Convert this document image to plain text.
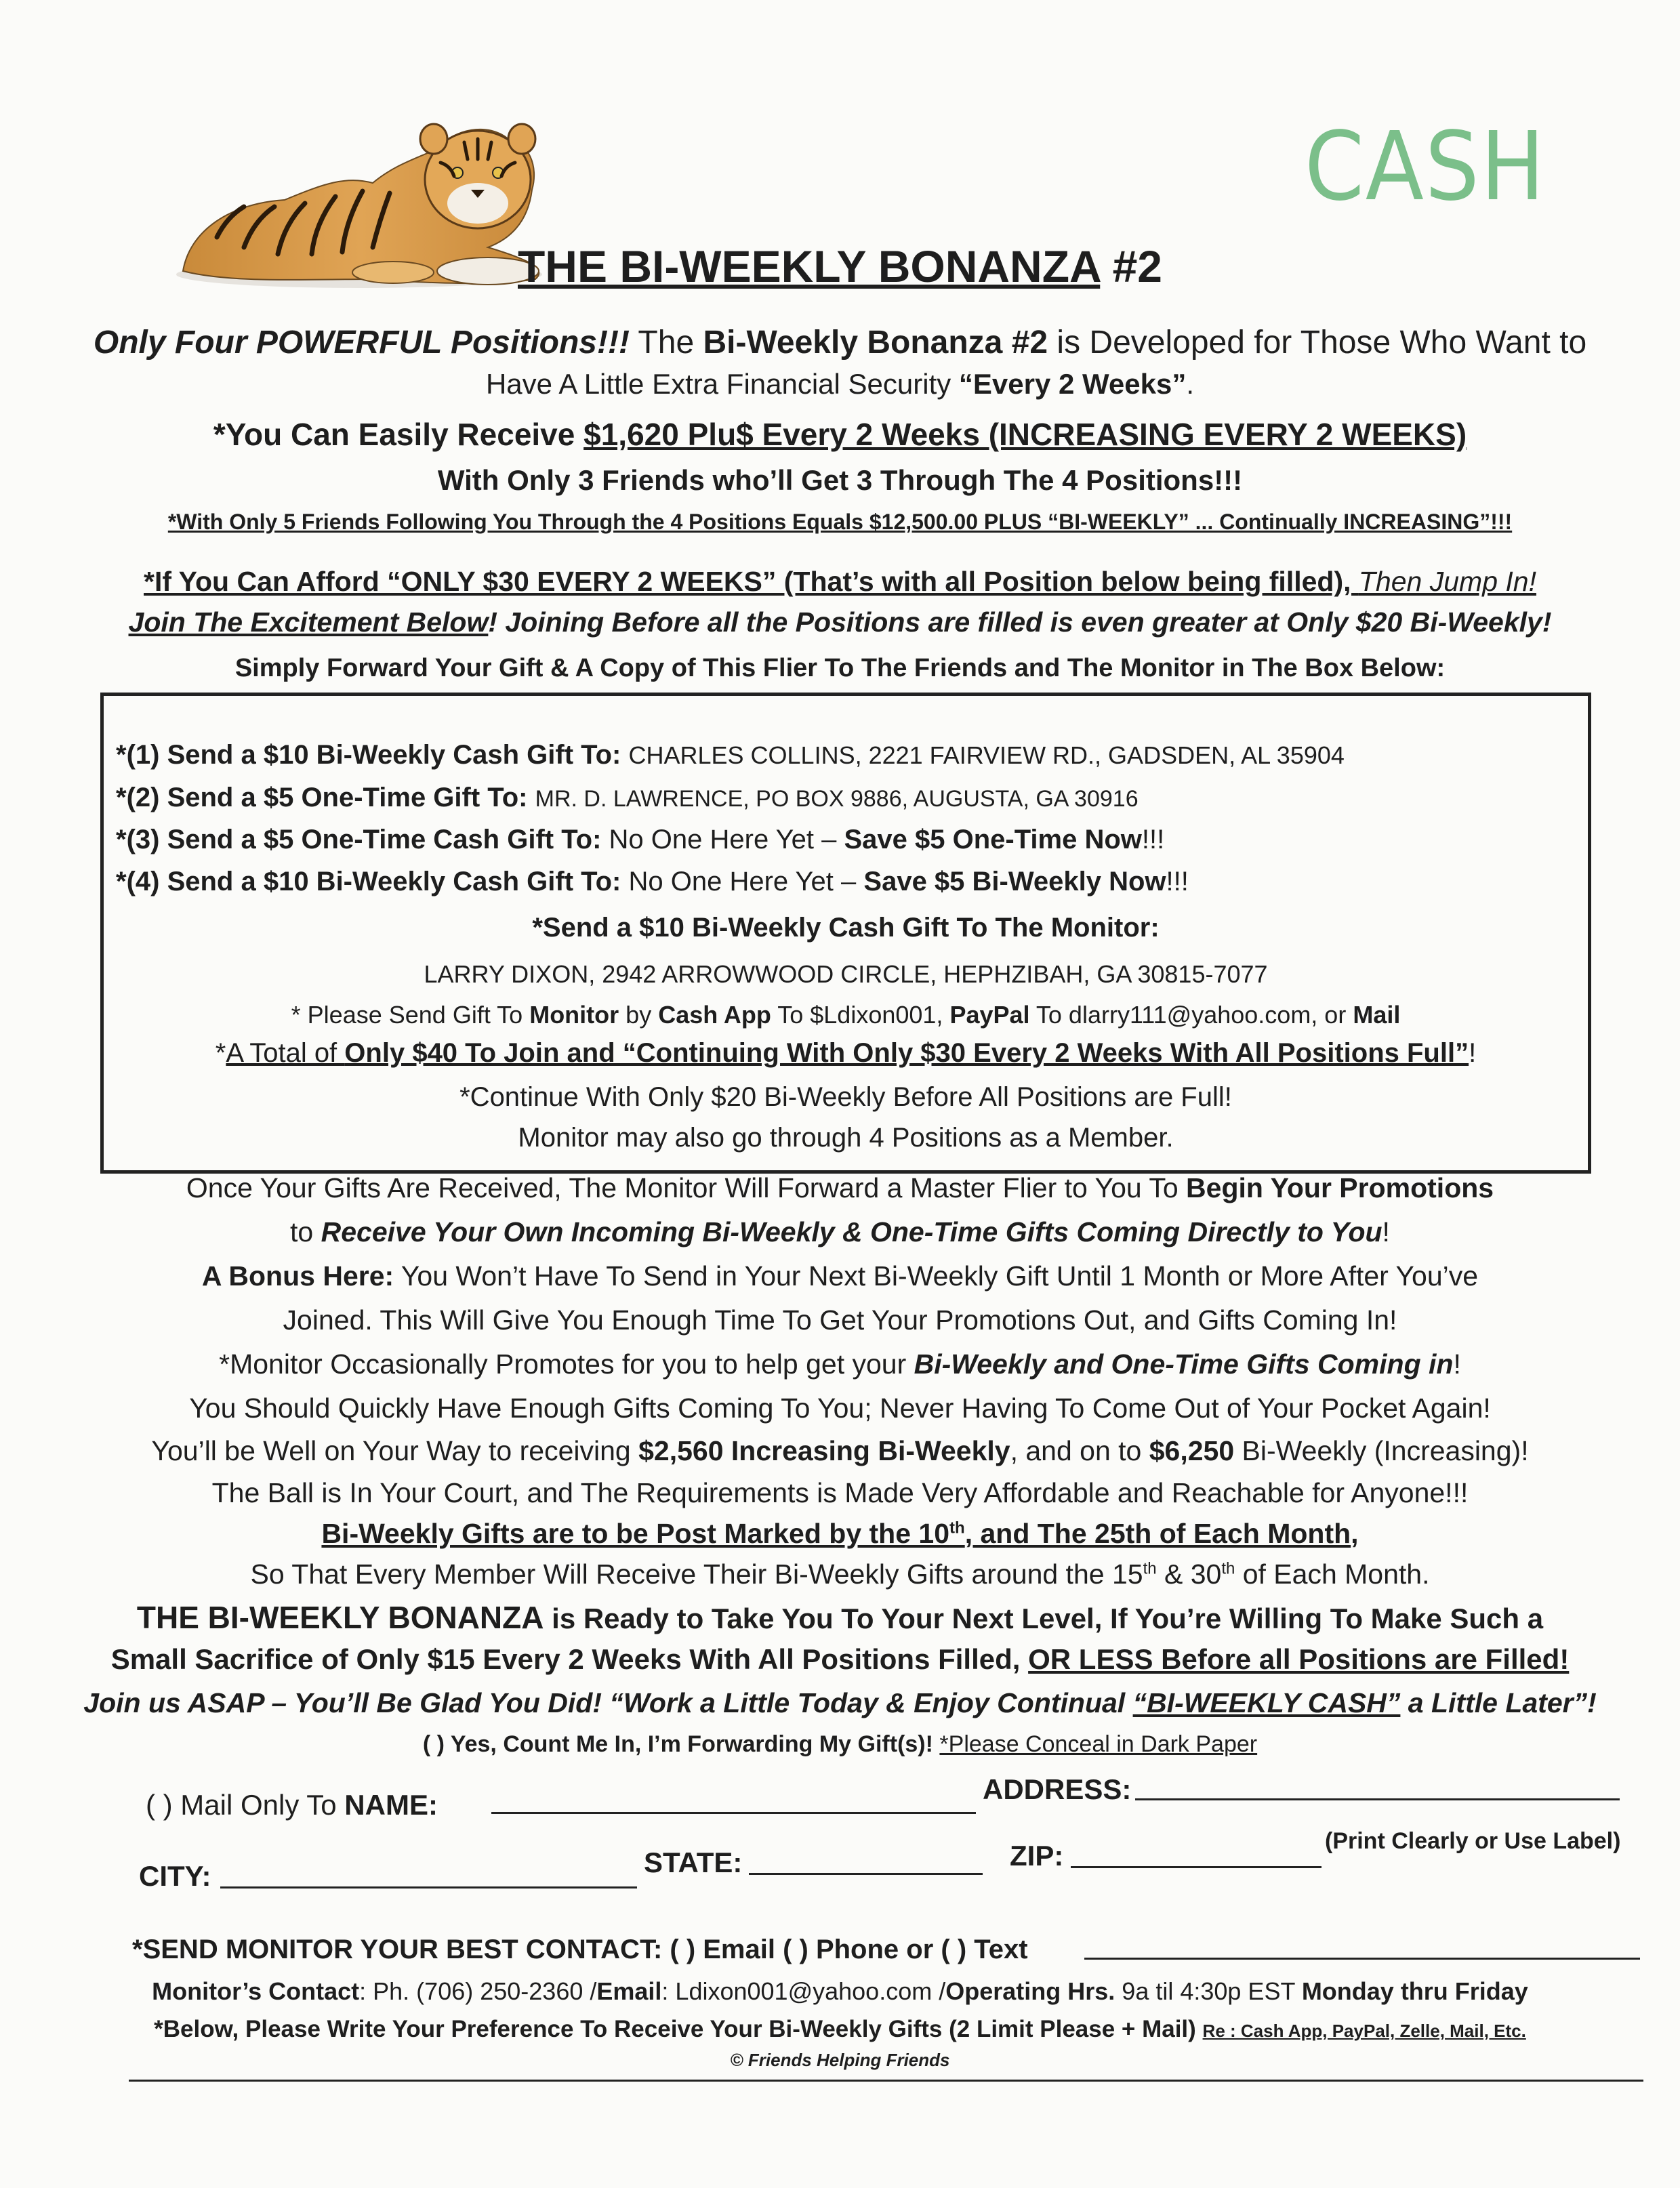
CASH
THE BI-WEEKLY BONANZA #2
Only Four POWERFUL Positions!!! The Bi-Weekly Bonanza #2 is Developed for Those Who Want to
Have A Little Extra Financial Security “Every 2 Weeks”.
*You Can Easily Receive $1,620 Plu$ Every 2 Weeks (INCREASING EVERY 2 WEEKS)
With Only 3 Friends who’ll Get 3 Through The 4 Positions!!!
*With Only 5 Friends Following You Through the 4 Positions Equals $12,500.00 PLUS “BI-WEEKLY” ... Continually INCREASING”!!!
*If You Can Afford “ONLY $30 EVERY 2 WEEKS” (That’s with all Position below being filled), Then Jump In!
Join The Excitement Below! Joining Before all the Positions are filled is even greater at Only $20 Bi-Weekly!
Simply Forward Your Gift & A Copy of This Flier To The Friends and The Monitor in The Box Below:
*(1) Send a $10 Bi-Weekly Cash Gift To: CHARLES COLLINS, 2221 FAIRVIEW RD., GADSDEN, AL 35904
*(2) Send a $5 One-Time Gift To: MR. D. LAWRENCE, PO BOX 9886, AUGUSTA, GA 30916
*(3) Send a $5 One-Time Cash Gift To: No One Here Yet – Save $5 One-Time Now!!!
*(4) Send a $10 Bi-Weekly Cash Gift To: No One Here Yet – Save $5 Bi-Weekly Now!!!
*Send a $10 Bi-Weekly Cash Gift To The Monitor:
LARRY DIXON, 2942 ARROWWOOD CIRCLE, HEPHZIBAH, GA 30815-7077
* Please Send Gift To Monitor by Cash App To $Ldixon001, PayPal To dlarry111@yahoo.com, or Mail
*A Total of Only $40 To Join and “Continuing With Only $30 Every 2 Weeks With All Positions Full”!
*Continue With Only $20 Bi-Weekly Before All Positions are Full!
Monitor may also go through 4 Positions as a Member.
Once Your Gifts Are Received, The Monitor Will Forward a Master Flier to You To Begin Your Promotions
to Receive Your Own Incoming Bi-Weekly & One-Time Gifts Coming Directly to You!
A Bonus Here: You Won’t Have To Send in Your Next Bi-Weekly Gift Until 1 Month or More After You’ve
Joined. This Will Give You Enough Time To Get Your Promotions Out, and Gifts Coming In!
*Monitor Occasionally Promotes for you to help get your Bi-Weekly and One-Time Gifts Coming in!
You Should Quickly Have Enough Gifts Coming To You; Never Having To Come Out of Your Pocket Again!
You’ll be Well on Your Way to receiving $2,560 Increasing Bi-Weekly, and on to $6,250 Bi-Weekly (Increasing)!
The Ball is In Your Court, and The Requirements is Made Very Affordable and Reachable for Anyone!!!
Bi-Weekly Gifts are to be Post Marked by the 10th, and The 25th of Each Month,
So That Every Member Will Receive Their Bi-Weekly Gifts around the 15th & 30th of Each Month.
THE BI-WEEKLY BONANZA is Ready to Take You To Your Next Level, If You’re Willing To Make Such a
Small Sacrifice of Only $15 Every 2 Weeks With All Positions Filled, OR LESS Before all Positions are Filled!
Join us ASAP – You’ll Be Glad You Did! “Work a Little Today & Enjoy Continual “BI-WEEKLY CASH” a Little Later”!
( ) Yes, Count Me In, I’m Forwarding My Gift(s)! *Please Conceal in Dark Paper
( ) Mail Only To NAME:	ADDRESS:
CITY:	STATE:	ZIP:	(Print Clearly or Use Label)
*SEND MONITOR YOUR BEST CONTACT: ( ) Email ( ) Phone or ( ) Text
Monitor’s Contact: Ph. (706) 250-2360 /Email: Ldixon001@yahoo.com /Operating Hrs. 9a til 4:30p EST Monday thru Friday
*Below, Please Write Your Preference To Receive Your Bi-Weekly Gifts (2 Limit Please + Mail) Re : Cash App, PayPal, Zelle, Mail, Etc.
© Friends Helping Friends
